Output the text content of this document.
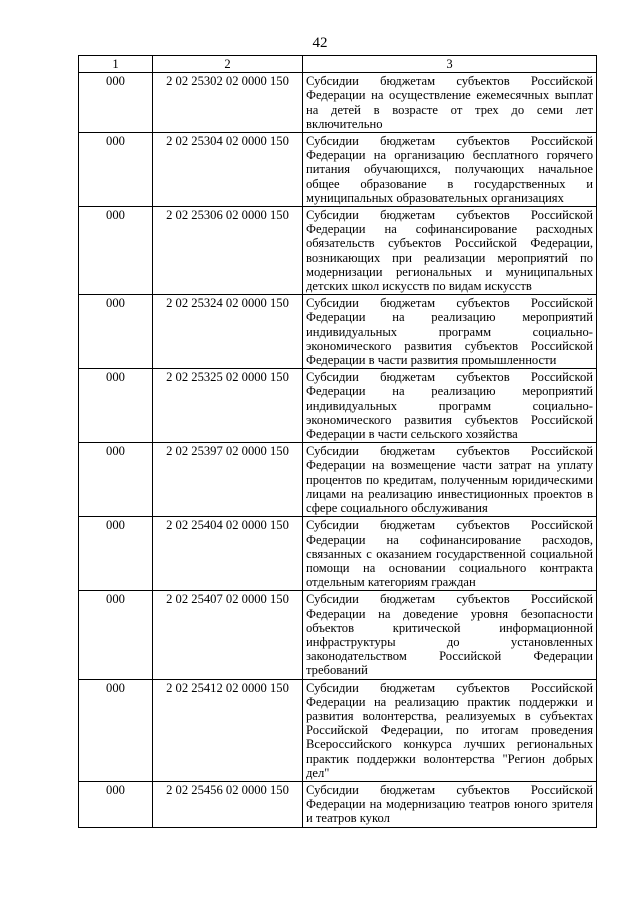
42
1	2	3
000	2 02 25302 02 0000 150	Субсидии бюджетам субъектов Российской Федерации на осуществление ежемесячных выплат на детей в возрасте от трех до семи лет включительно
000	2 02 25304 02 0000 150	Субсидии бюджетам субъектов Российской Федерации на организацию бесплатного горячего питания обучающихся, получающих начальное общее образование в государственных и муниципальных образовательных организациях
000	2 02 25306 02 0000 150	Субсидии бюджетам субъектов Российской Федерации на софинансирование расходных обязательств субъектов Российской Федерации, возникающих при реализации мероприятий по модернизации региональных и муниципальных детских школ искусств по видам искусств
000	2 02 25324 02 0000 150	Субсидии бюджетам субъектов Российской Федерации на реализацию мероприятий индивидуальных программ социально-экономического развития субъектов Российской Федерации в части развития промышленности
000	2 02 25325 02 0000 150	Субсидии бюджетам субъектов Российской Федерации на реализацию мероприятий индивидуальных программ социально-экономического развития субъектов Российской Федерации в части сельского хозяйства
000	2 02 25397 02 0000 150	Субсидии бюджетам субъектов Российской Федерации на возмещение части затрат на уплату процентов по кредитам, полученным юридическими лицами на реализацию инвестиционных проектов в сфере социального обслуживания
000	2 02 25404 02 0000 150	Субсидии бюджетам субъектов Российской Федерации на софинансирование расходов, связанных с оказанием государственной социальной помощи на основании социального контракта отдельным категориям граждан
000	2 02 25407 02 0000 150	Субсидии бюджетам субъектов Российской Федерации на доведение уровня безопасности объектов критической информационной инфраструктуры до установленных законодательством Российской Федерации требований
000	2 02 25412 02 0000 150	Субсидии бюджетам субъектов Российской Федерации на реализацию практик поддержки и развития волонтерства, реализуемых в субъектах Российской Федерации, по итогам проведения Всероссийского конкурса лучших региональных практик поддержки волонтерства "Регион добрых дел"
000	2 02 25456 02 0000 150	Субсидии бюджетам субъектов Российской Федерации на модернизацию театров юного зрителя и театров кукол
